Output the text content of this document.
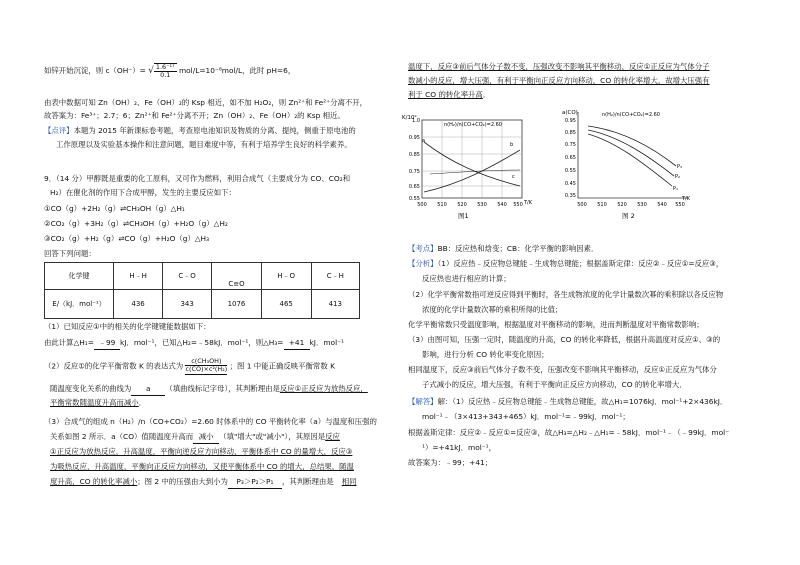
如锌开始沉淀，则 c（OH⁻）= √ $\frac{\text{1.6⁻¹⁷}}{0.1} mol/L=10^{-8}mol/L$，此时 pH=6，
由表中数据可知 Zn（OH）₂、Fe（OH）₂的 Ksp 相近，如不加 H₂O₂，则 Zn²⁺和 Fe²⁺分离不开，
故答案为：Fe³⁺；2.7；6；Zn²⁺和 Fe²⁺分离不开；Zn（OH）₂、Fe（OH）₂的 Ksp 相近。
【点评】本题为 2015 年新课标卷考题，考查原电池知识及物质的分离、提纯，侧重于原电池的
工作原理以及实验基本操作和注意问题，题目难度中等，有利于培养学生良好的科学素养。
9．（14 分）甲醇既是重要的化工原料，又可作为燃料，利用合成气（主要成分为 CO、CO₂和
H₂）在催化剂的作用下合成甲醇，发生的主要反应如下：
①CO（g）+2H₂（g）⇌CH₃OH（g）△H₁
②CO₂（g）+3H₂（g）⇌CH₃OH（g）+H₂O（g）△H₂
③CO₂（g）+H₂（g）⇌CO（g）+H₂O（g）△H₃
回答下列问题：
化学键	H﹣H	C﹣O	C≡O	H﹣O	C﹣H
E/（kJ．mol⁻¹）	436	343	1076	465	413
（1）已知反应①中的相关的化学键键能数据如下：
由此计算△H₁= ﹣99 kJ．mol⁻¹，已知△H₂=﹣58kJ．mol⁻¹，则△H₃= +41 kJ．mol⁻¹
（2）反应①的化学平衡常数 K 的表达式为 $\frac{\text{c(CH₃OH)}}{\text{c(CO)×c²(H₂)}}$ ；图 1 中能正确反映平衡常数 K
随温度变化关系的曲线为 a （填曲线标记字母），其判断理由是反应①正反应为放热反应，
平衡常数随温度升高而减小．
（3）合成气的组成 n（H₂）/n（CO+CO₂）=2.60 时体系中的 CO 平衡转化率（a）与温度和压强的
关系如图 2 所示．a（CO）值随温度升高而 减小 （填"增大"或"减小"），其原因是反应
①正反应为放热反应，升高温度，平衡向逆反应方向移动，平衡体系中 CO 的量增大，反应③
为吸热反应，升高温度，平衡向正反应方向移动，又使平衡体系中 CO 的增大，总结果，随温
度升高，CO 的转化率减小；图 2 中的压强由大到小为 P₃＞P₂＞P₁ ，其判断理由是 相同
温度下，反应③前后气体分子数不变，压强改变不影响其平衡移动，反应①正反应为气体分子
数减小的反应，增大压强，有利于平衡向正反应方向移动，CO 的转化率增大，故增大压强有
利于 CO 的转化率升高．
K/10²
n(H₂)/n(CO+CO₂)=2.60
1.0
0.95
0.85
0.75
0.65
0.55
500 510 520 530 540 550 T/K
a
b
c
图1
a(CO)	n(H₂)/n(CO+CO₂)=2.60
0.95
0.85
0.75
0.65
0.55
0.45
0.35
500 510 520 530 540 550
T/K
P₃
P₂
P₁
图 2
【考点】BB：反应热和焓变；CB：化学平衡的影响因素．
【分析】（1）反应热﹣反应物总键能﹣生成物总键能；根据盖斯定律：反应②﹣反应①=反应③，
反应热也进行相应的计算；
（2）化学平衡常数指可逆反应得到平衡时，各生成物浓度的化学计量数次幂的乘积除以各反应物
浓度的化学计量数次幂的乘积所得的比值；
化学平衡常数只受温度影响，根据温度对平衡移动的影响，进而判断温度对平衡常数影响；
（3）由图可知，压强一定时，随温度的升高，CO 的转化率降低，根据升高温度对反应①、③的
影响，进行分析 CO 转化率变化原因；
相同温度下，反应③前后气体分子数不变，压强改变不影响其平衡移动，反应①正反应为气体分
子式减小的反应，增大压强，有利于平衡向正反应方向移动，CO 的转化率增大．
【解答】解：（1）反应热﹣反应物总键能﹣生成物总键能，故△H₁=1076kJ．mol⁻¹+2×436kJ．
mol⁻¹﹣（3×413+343+465）kJ．mol⁻¹=﹣99kJ．mol⁻¹；
根据盖斯定律：反应②﹣反应①=反应③，故△H₃=△H₂﹣△H₁=﹣58kJ．mol⁻¹﹣（﹣99kJ．mol⁻
¹）=+41kJ．mol⁻¹，
故答案为：﹣99；+41；
